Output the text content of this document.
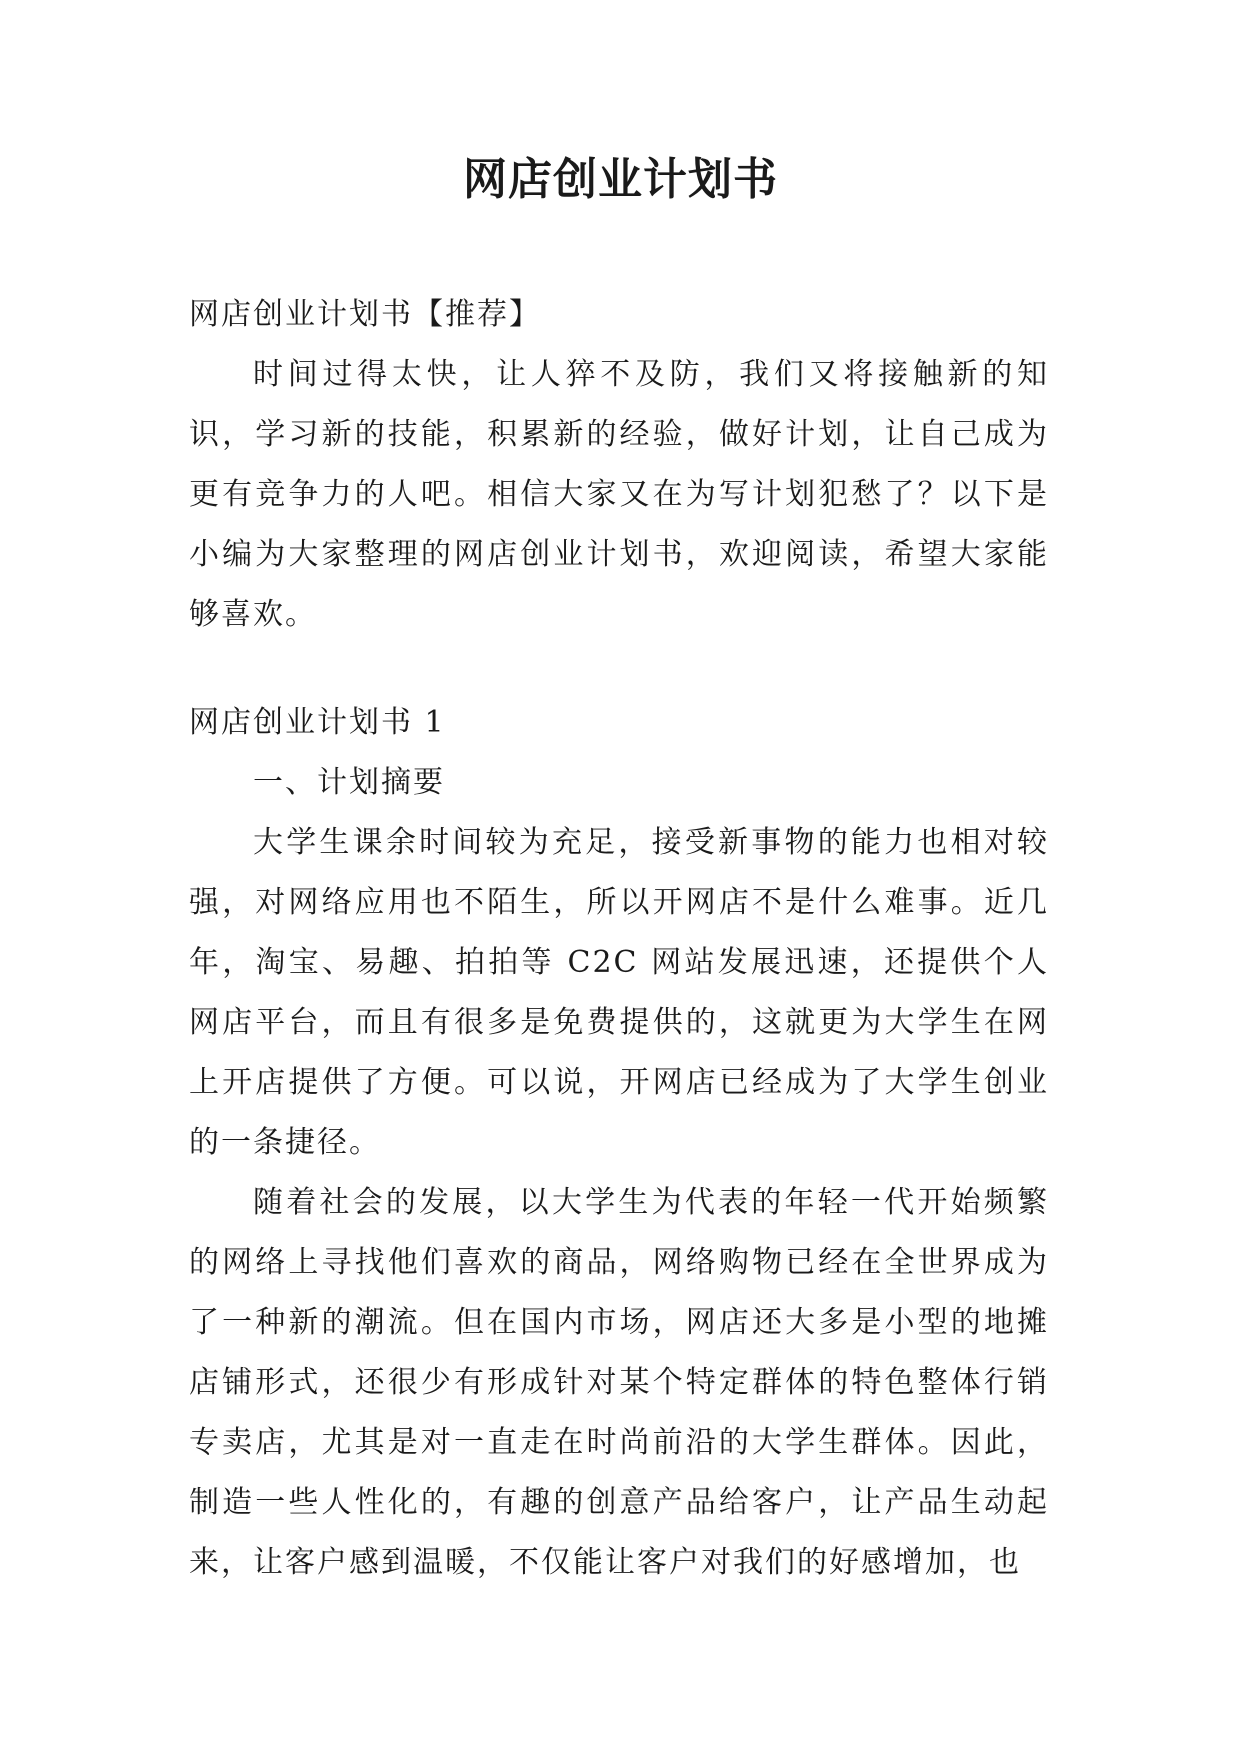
网店创业计划书

网店创业计划书【推荐】

时间过得太快，让人猝不及防，我们又将接触新的知识，学习新的技能，积累新的经验，做好计划，让自己成为更有竞争力的人吧。相信大家又在为写计划犯愁了？以下是小编为大家整理的网店创业计划书，欢迎阅读，希望大家能够喜欢。

网店创业计划书 1

一、计划摘要

大学生课余时间较为充足，接受新事物的能力也相对较强，对网络应用也不陌生，所以开网店不是什么难事。近几年，淘宝、易趣、拍拍等 C2C 网站发展迅速，还提供个人网店平台，而且有很多是免费提供的，这就更为大学生在网上开店提供了方便。可以说，开网店已经成为了大学生创业的一条捷径。

随着社会的发展，以大学生为代表的年轻一代开始频繁的网络上寻找他们喜欢的商品，网络购物已经在全世界成为了一种新的潮流。但在国内市场，网店还大多是小型的地摊店铺形式，还很少有形成针对某个特定群体的特色整体行销专卖店，尤其是对一直走在时尚前沿的大学生群体。因此，制造一些人性化的，有趣的创意产品给客户，让产品生动起来，让客户感到温暖，不仅能让客户对我们的好感增加，也
